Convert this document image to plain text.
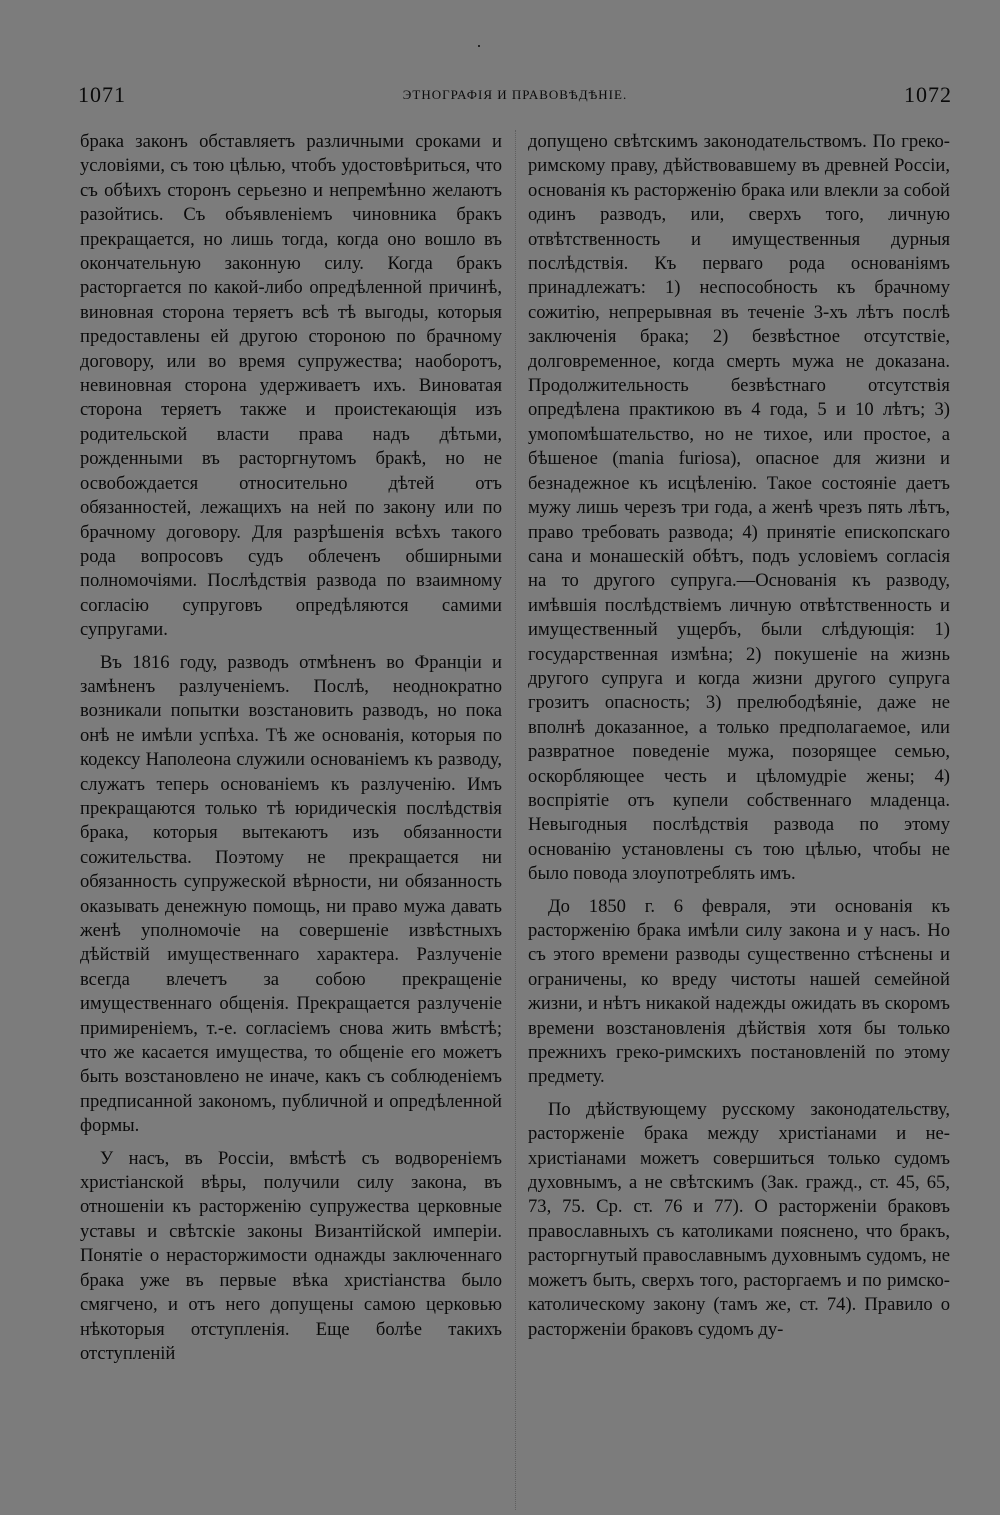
1071	ЭТНОГРАФІЯ И ПРАВОВѢДѢНІЕ.	1072

брака законъ обставляетъ различными сроками и условіями, съ тою цѣлью, чтобъ удостовѣриться, что съ обѣихъ сторонъ серьезно и непремѣнно желаютъ разойтись. Съ объявленіемъ чиновника бракъ прекращается, но лишь тогда, когда оно вошло въ окончательную законную силу. Когда бракъ расторгается по какой-либо опредѣленной причинѣ, виновная сторона теряетъ всѣ тѣ выгоды, которыя предоставлены ей другою стороною по брачному договору, или во время супружества; наоборотъ, невиновная сторона удерживаетъ ихъ. Виноватая сторона теряетъ также и проистекающія изъ родительской власти права надъ дѣтьми, рожденными въ расторгнутомъ бракѣ, но не освобождается относительно дѣтей отъ обязанностей, лежащихъ на ней по закону или по брачному договору. Для разрѣшенія всѣхъ такого рода вопросовъ судъ облеченъ обширными полномочіями. Послѣдствія развода по взаимному согласію супруговъ опредѣляются самими супругами.

Въ 1816 году, разводъ отмѣненъ во Франціи и замѣненъ разлученіемъ. Послѣ, неоднократно возникали попытки возстановить разводъ, но пока онѣ не имѣли успѣха. Тѣ же основанія, которыя по кодексу Наполеона служили основаніемъ къ разводу, служатъ теперь основаніемъ къ разлученію. Имъ прекращаются только тѣ юридическія послѣдствія брака, которыя вытекаютъ изъ обязанности сожительства. Поэтому не прекращается ни обязанность супружеской вѣрности, ни обязанность оказывать денежную помощь, ни право мужа давать женѣ уполномочіе на совершеніе извѣстныхъ дѣйствій имущественнаго характера. Разлученіе всегда влечетъ за собою прекращеніе имущественнаго общенія. Прекращается разлученіе примиреніемъ, т.-е. согласіемъ снова жить вмѣстѣ; что же касается имущества, то общеніе его можетъ быть возстановлено не иначе, какъ съ соблюденіемъ предписанной закономъ, публичной и опредѣленной формы.

У насъ, въ Россіи, вмѣстѣ съ водвореніемъ христіанской вѣры, получили силу закона, въ отношеніи къ расторженію супружества церковные уставы и свѣтскіе законы Византійской имперіи. Понятіе о нерасторжимости однажды заключеннаго брака уже въ первые вѣка христіанства было смягчено, и отъ него допущены самою церковью нѣкоторыя отступленія. Еще болѣе такихъ отступленій

допущено свѣтскимъ законодательствомъ. По греко-римскому праву, дѣйствовавшему въ древней Россіи, основанія къ расторженію брака или влекли за собой одинъ разводъ, или, сверхъ того, личную отвѣтственность и имущественныя дурныя послѣдствія. Къ перваго рода основаніямъ принадлежатъ: 1) неспособность къ брачному сожитію, непрерывная въ теченіе 3-хъ лѣтъ послѣ заключенія брака; 2) безвѣстное отсутствіе, долговременное, когда смерть мужа не доказана. Продолжительность безвѣстнаго отсутствія опредѣлена практикою въ 4 года, 5 и 10 лѣтъ; 3) умопомѣшательство, но не тихое, или простое, а бѣшеное (mania furiosa), опасное для жизни и безнадежное къ исцѣленію. Такое состояніе даетъ мужу лишь черезъ три года, а женѣ чрезъ пять лѣтъ, право требовать развода; 4) принятіе епископскаго сана и монашескій обѣтъ, подъ условіемъ согласія на то другого супруга.—Основанія къ разводу, имѣвшія послѣдствіемъ личную отвѣтственность и имущественный ущербъ, были слѣдующія: 1) государственная измѣна; 2) покушеніе на жизнь другого супруга и когда жизни другого супруга грозитъ опасность; 3) прелюбодѣяніе, даже не вполнѣ доказанное, а только предполагаемое, или развратное поведеніе мужа, позорящее семью, оскорбляющее честь и цѣломудріе жены; 4) воспріятіе отъ купели собственнаго младенца. Невыгодныя послѣдствія развода по этому основанію установлены съ тою цѣлью, чтобы не было повода злоупотреблять имъ.

До 1850 г. 6 февраля, эти основанія къ расторженію брака имѣли силу закона и у насъ. Но съ этого времени разводы существенно стѣснены и ограничены, ко вреду чистоты нашей семейной жизни, и нѣтъ никакой надежды ожидать въ скоромъ времени возстановленія дѣйствія хотя бы только прежнихъ греко-римскихъ постановленій по этому предмету.

По дѣйствующему русскому законодательству, расторженіе брака между христіанами и не-христіанами можетъ совершиться только судомъ духовнымъ, а не свѣтскимъ (Зак. гражд., ст. 45, 65, 73, 75. Ср. ст. 76 и 77). О расторженіи браковъ православныхъ съ католиками пояснено, что бракъ, расторгнутый православнымъ духовнымъ судомъ, не можетъ быть, сверхъ того, расторгаемъ и по римско-католическому закону (тамъ же, ст. 74). Правило о расторженіи браковъ судомъ ду-
